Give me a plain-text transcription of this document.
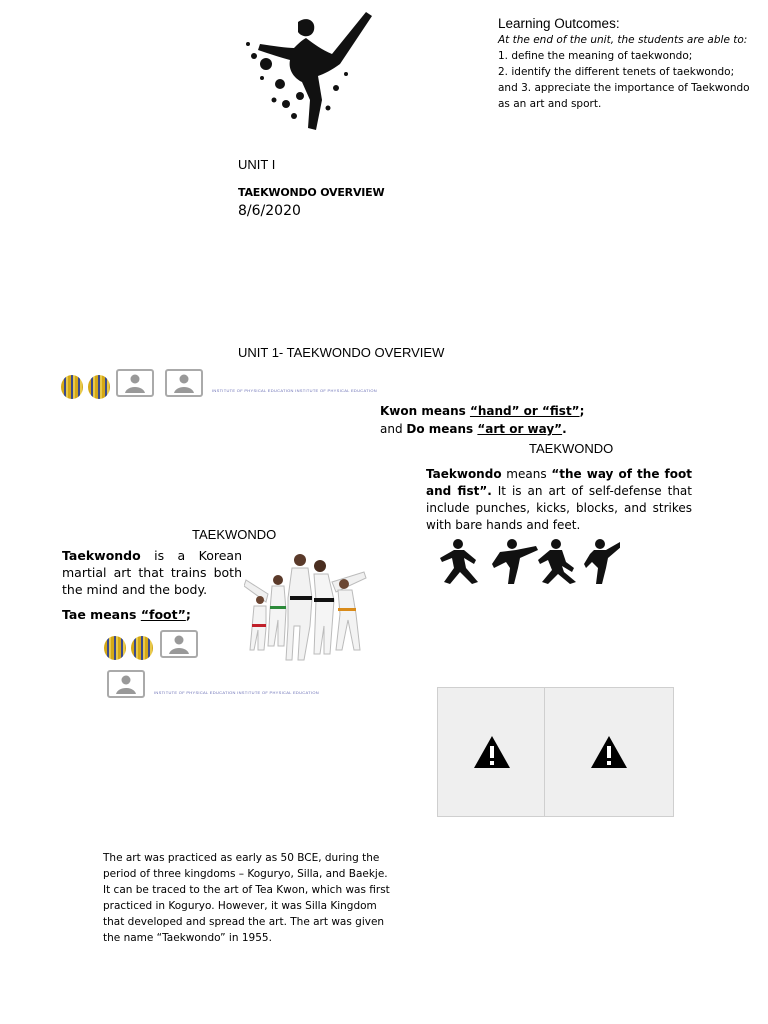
Learning Outcomes:
At the end of the unit, the students are able to:
1. define the meaning of taekwondo;
2. identify the different tenets of taekwondo;
and 3. appreciate the importance of Taekwondo
as an art and sport.
UNIT I
TAEKWONDO OVERVIEW
8/6/2020
UNIT 1- TAEKWONDO OVERVIEW
INSTITUTE OF PHYSICAL EDUCATION INSTITUTE OF PHYSICAL EDUCATION
Kwon means “hand” or “fist”;
and Do means “art or way”.
TAEKWONDO
Taekwondo means “the way of the foot and fist”. It is an art of self-defense that include punches, kicks, blocks, and strikes with bare hands and feet.
TAEKWONDO
Taekwondo is a Korean martial art that trains both the mind and the body.
Tae means “foot”;
INSTITUTE OF PHYSICAL EDUCATION INSTITUTE OF PHYSICAL EDUCATION
The art was practiced as early as 50 BCE, during the period of three kingdoms – Koguryo, Silla, and Baekje. It can be traced to the art of Tea Kwon, which was first practiced in Koguryo. However, it was Silla Kingdom that developed and spread the art. The art was given the name “Taekwondo” in 1955.
